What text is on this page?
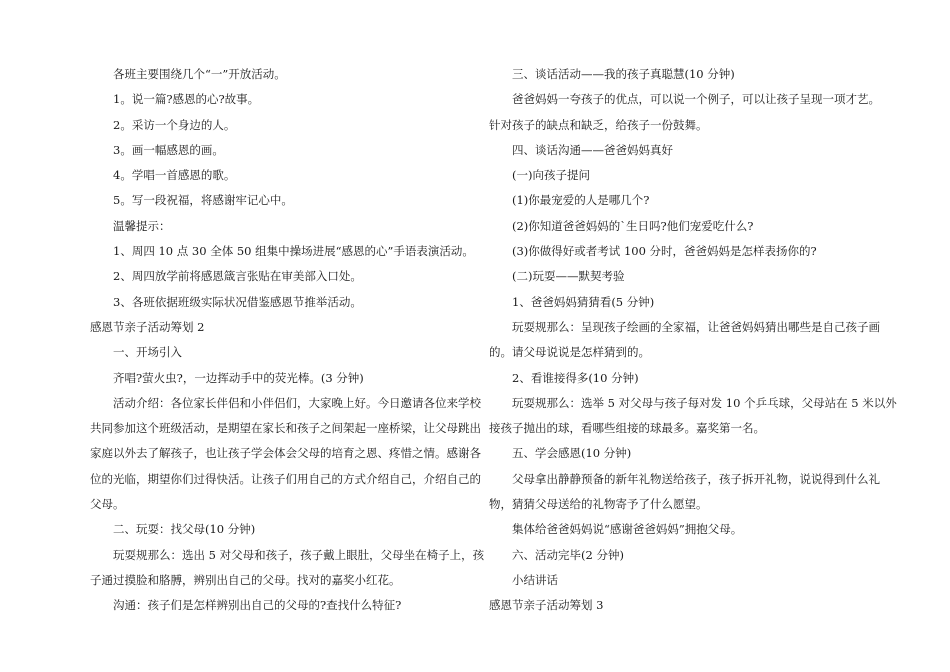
各班主要围绕几个“一”开放活动。
1。说一篇?感恩的心?故事。
2。采访一个身边的人。
3。画一幅感恩的画。
4。学唱一首感恩的歌。
5。写一段祝福，将感谢牢记心中。
温馨提示：
1、周四 10 点 30 全体 50 组集中操场进展“感恩的心”手语表演活动。
2、周四放学前将感恩箴言张贴在审美部入口处。
3、各班依据班级实际状况借鉴感恩节推举活动。
感恩节亲子活动筹划 2
一、开场引入
齐唱?萤火虫?，一边挥动手中的荧光棒。(3 分钟)
活动介绍：各位家长伴侣和小伴侣们，大家晚上好。今日邀请各位来学校
共同参加这个班级活动，是期望在家长和孩子之间架起一座桥梁，让父母跳出
家庭以外去了解孩子，也让孩子学会体会父母的培育之恩、疼惜之情。感谢各
位的光临，期望你们过得快活。让孩子们用自己的方式介绍自己，介绍自己的
父母。
二、玩耍：找父母(10 分钟)
玩耍规那么：选出 5 对父母和孩子，孩子戴上眼肚，父母坐在椅子上，孩
子通过摸脸和胳膊，辨别出自己的父母。找对的嘉奖小红花。
沟通：孩子们是怎样辨别出自己的父母的?查找什么特征?
三、谈话活动——我的孩子真聪慧(10 分钟)
爸爸妈妈一夸孩子的优点，可以说一个例子，可以让孩子呈现一项才艺。
针对孩子的缺点和缺乏，给孩子一份鼓舞。
四、谈话沟通——爸爸妈妈真好
(一)向孩子提问
(1)你最宠爱的人是哪几个?
(2)你知道爸爸妈妈的`生日吗?他们宠爱吃什么?
(3)你做得好或者考试 100 分时，爸爸妈妈是怎样表扬你的?
(二)玩耍——默契考验
1、爸爸妈妈猜猜看(5 分钟)
玩耍规那么：呈现孩子绘画的全家福，让爸爸妈妈猜出哪些是自己孩子画
的。请父母说说是怎样猜到的。
2、看谁接得多(10 分钟)
玩耍规那么：选举 5 对父母与孩子每对发 10 个乒乓球，父母站在 5 米以外
接孩子抛出的球，看哪些组接的球最多。嘉奖第一名。
五、学会感恩(10 分钟)
父母拿出静静预备的新年礼物送给孩子，孩子拆开礼物，说说得到什么礼
物，猜猜父母送给的礼物寄予了什么愿望。
集体给爸爸妈妈说“感谢爸爸妈妈”拥抱父母。
六、活动完毕(2 分钟)
小结讲话
感恩节亲子活动筹划 3
